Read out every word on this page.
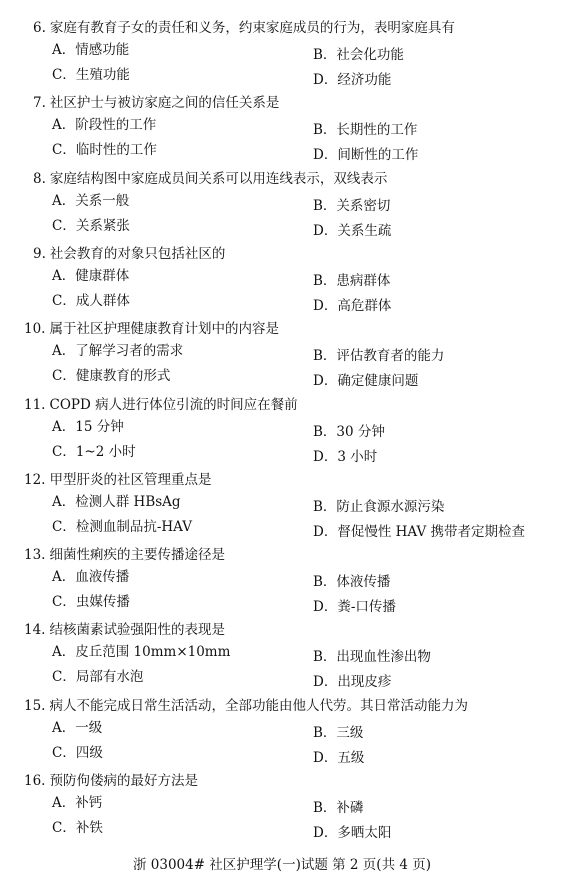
浙 03004# 社区护理学(一)试题 第 2 页(共 4 页)
6. 家庭有教育子女的责任和义务，约束家庭成员的行为，表明家庭具有
A．情感功能	B．社会化功能
C．生殖功能	D．经济功能
7. 社区护士与被访家庭之间的信任关系是
A．阶段性的工作	B．长期性的工作
C．临时性的工作	D．间断性的工作
8. 家庭结构图中家庭成员间关系可以用连线表示，双线表示
A．关系一般	B．关系密切
C．关系紧张	D．关系生疏
9. 社会教育的对象只包括社区的
A．健康群体	B．患病群体
C．成人群体	D．高危群体
10. 属于社区护理健康教育计划中的内容是
A．了解学习者的需求	B．评估教育者的能力
C．健康教育的形式	D．确定健康问题
11. COPD 病人进行体位引流的时间应在餐前
A．15 分钟	B．30 分钟
C．1~2 小时	D．3 小时
12. 甲型肝炎的社区管理重点是
A．检测人群 HBsAg	B．防止食源水源污染
C．检测血制品抗-HAV	D．督促慢性 HAV 携带者定期检查
13. 细菌性痢疾的主要传播途径是
A．血液传播	B．体液传播
C．虫媒传播	D．粪-口传播
14. 结核菌素试验强阳性的表现是
A．皮丘范围 10mm×10mm	B．出现血性渗出物
C．局部有水泡	D．出现皮疹
15. 病人不能完成日常生活活动，全部功能由他人代劳。其日常活动能力为
A．一级	B．三级
C．四级	D．五级
16. 预防佝偻病的最好方法是
A．补钙	B．补磷
C．补铁	D．多晒太阳
